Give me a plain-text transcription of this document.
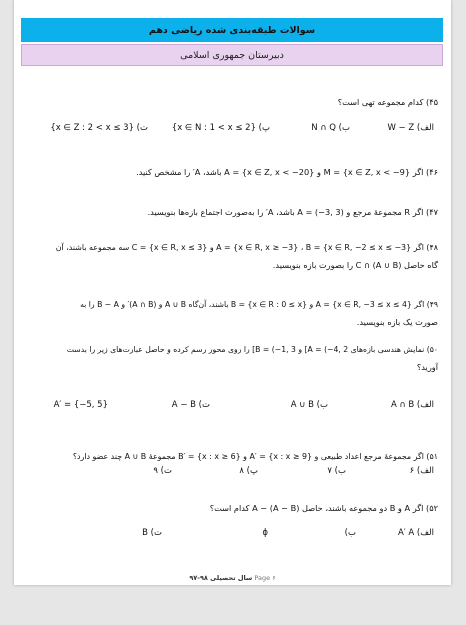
سوالات طبقه‌بندی شده ریاضی دهم
دبیرستان جمهوری اسلامی
۴۵) کدام مجموعه تهی است؟
الف) W − Z
ب) N ∩ Q
پ) {x ∈ N : 1 < x ≤ 2}
ت) {x ∈ Z : 2 < x ≤ 3}
۴۶) اگر M = {x ∈ Z, x < −9} و A = {x ∈ Z, x < −20} باشد، A′ را مشخص کنید.
۴۷) اگر R مجموعهٔ مرجع و A = (−3, 3) باشد، A′ را به‌صورت اجتماع بازه‌ها بنویسید.
۴۸) اگر A = {x ∈ R, x ≥ −3} ، B = {x ∈ R, −2 ≤ x ≤ −3} و C = {x ∈ R, x ≤ 3} سه مجموعه باشند، آن
گاه حاصل (A ∪ B) ∩ C را بصورت بازه بنویسید.
۴۹) اگر A = {x ∈ R, −3 ≤ x ≤ 4} و B = {x ∈ R : 0 ≤ x} باشند، آن‌گاه A ∪ B و (A ∩ B)′ و B − A را به
صورت یک بازه بنویسید.
۵۰) نمایش هندسی بازه‌های A = (−4, 2] و B = (−1, 3] را روی محور رسم کرده و حاصل عبارت‌های زیر را بدست
آورید؟
الف) A ∩ B
ب) A ∪ B
ت) A − B
A′ = {−5, 5}
۵۱) اگر مجموعهٔ مرجع اعداد طبیعی و A′ = {x : x ≥ 9} و B′ = {x : x ≥ 6} مجموعهٔ A ∪ B چند عضو دارد؟
الف) ۶
ب) ۷
پ) ۸
ت) ۹
۵۲) اگر A و B دو مجموعه باشند، حاصل (A − B) − A کدام است؟
الف) A′ A
ب)
ϕ
ت) B
Page ۶ سال تحصیلی ۹۸-۹۷
